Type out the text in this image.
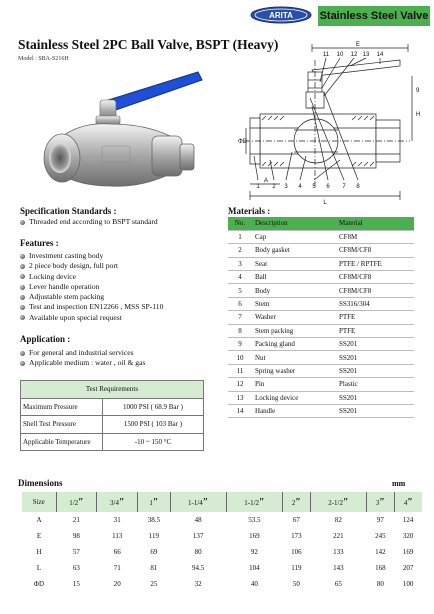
ARITA Stainless Steel Valve
Stainless Steel 2PC Ball Valve, BSPT (Heavy)
Model : SBA-S216H
E
11 10 12 13 14
9
H
1 2 3 4 5 6 7 8
A
L
ΦD
Specification Standards :
Threaded end according to BSPT standard
Features :
Investment casting body
2 piece body design, full port
Locking device
Lever handle operation
Adjustable stem packing
Test and inspection EN12266 , MSS SP-110
Available upon special request
Application :
For general and industrial services
Applicable medium : water , oil & gas
Test Requirements	
Maximum Pressure	1000 PSI ( 68.9 Bar )
Shell Test Pressure	1500 PSI ( 103 Bar )
Applicable Temperature	-10 ~ 150 °C
Materials :
No.	Description	Material
1	Cap	CF8M
2	Body gasket	CF8M/CF8
3	Seat	PTFE / RPTFE
4	Ball	CF8M/CF8
5	Body	CF8M/CF8
6	Stem	SS316/304
7	Washer	PTFE
8	Stem packing	PTFE
9	Packing gland	SS201
10	Nut	SS201
11	Spring washer	SS201
12	Pin	Plastic
13	Locking device	SS201
14	Handle	SS201
Dimensions	mm
Size	1/2″	3/4″	1″	1-1/4″	1-1/2″	2″	2-1/2″	3″	4″
A	21	31	38.5	48	53.5	67	82	97	124
E	98	113	119	137	169	173	221	245	320
H	57	66	69	80	92	106	133	142	169
L	63	71	81	94.5	104	119	143	168	207
ΦD	15	20	25	32	40	50	65	80	100
